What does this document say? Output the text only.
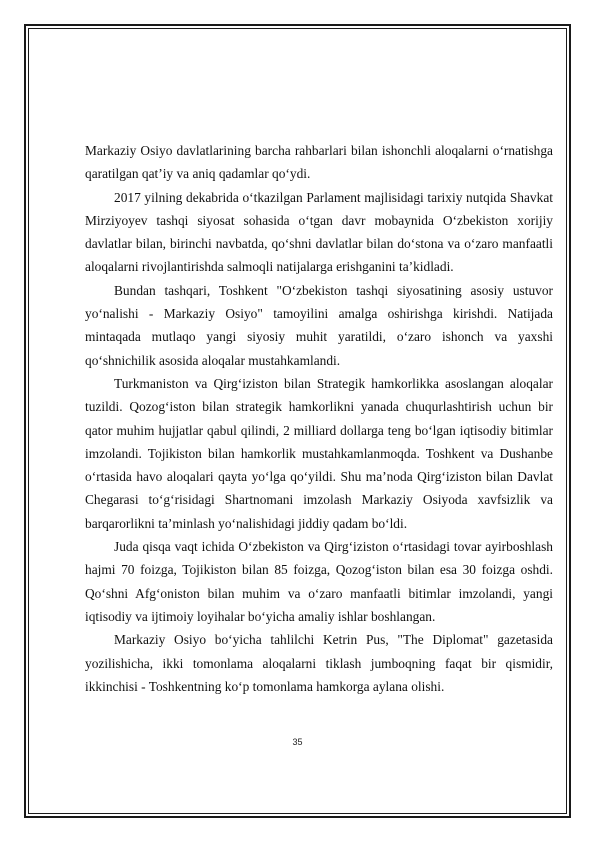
Markaziy Osiyo davlatlarining barcha rahbarlari bilan ishonchli aloqalarni o‘rnatishga qaratilgan qat’iy va aniq qadamlar qo‘ydi.

2017 yilning dekabrida o‘tkazilgan Parlament majlisidagi tarixiy nutqida Shavkat Mirziyoyev tashqi siyosat sohasida o‘tgan davr mobaynida O‘zbekiston xorijiy davlatlar bilan, birinchi navbatda, qo‘shni davlatlar bilan do‘stona va o‘zaro manfaatli aloqalarni rivojlantirishda salmoqli natijalarga erishganini ta’kidladi.

Bundan tashqari, Toshkent "O‘zbekiston tashqi siyosatining asosiy ustuvor yo‘nalishi - Markaziy Osiyo" tamoyilini amalga oshirishga kirishdi. Natijada mintaqada mutlaqo yangi siyosiy muhit yaratildi, o‘zaro ishonch va yaxshi qo‘shnichilik asosida aloqalar mustahkamlandi.

Turkmaniston va Qirg‘iziston bilan Strategik hamkorlikka asoslangan aloqalar tuzildi. Qozog‘iston bilan strategik hamkorlikni yanada chuqurlashtirish uchun bir qator muhim hujjatlar qabul qilindi, 2 milliard dollarga teng bo‘lgan iqtisodiy bitimlar imzolandi. Tojikiston bilan hamkorlik mustahkamlanmoqda. Toshkent va Dushanbe o‘rtasida havo aloqalari qayta yo‘lga qo‘yildi. Shu ma’noda Qirg‘iziston bilan Davlat Chegarasi to‘g‘risidagi Shartnomani imzolash Markaziy Osiyoda xavfsizlik va barqarorlikni ta’minlash yo‘nalishidagi jiddiy qadam bo‘ldi.

Juda qisqa vaqt ichida O‘zbekiston va Qirg‘iziston o‘rtasidagi tovar ayirboshlash hajmi 70 foizga, Tojikiston bilan 85 foizga, Qozog‘iston bilan esa 30 foizga oshdi. Qo‘shni Afg‘oniston bilan muhim va o‘zaro manfaatli bitimlar imzolandi, yangi iqtisodiy va ijtimoiy loyihalar bo‘yicha amaliy ishlar boshlangan.

Markaziy Osiyo bo‘yicha tahlilchi Ketrin Pus, "The Diplomat" gazetasida yozilishicha, ikki tomonlama aloqalarni tiklash jumboqning faqat bir qismidir, ikkinchisi - Toshkentning ko‘p tomonlama hamkorga aylana olishi.

35
